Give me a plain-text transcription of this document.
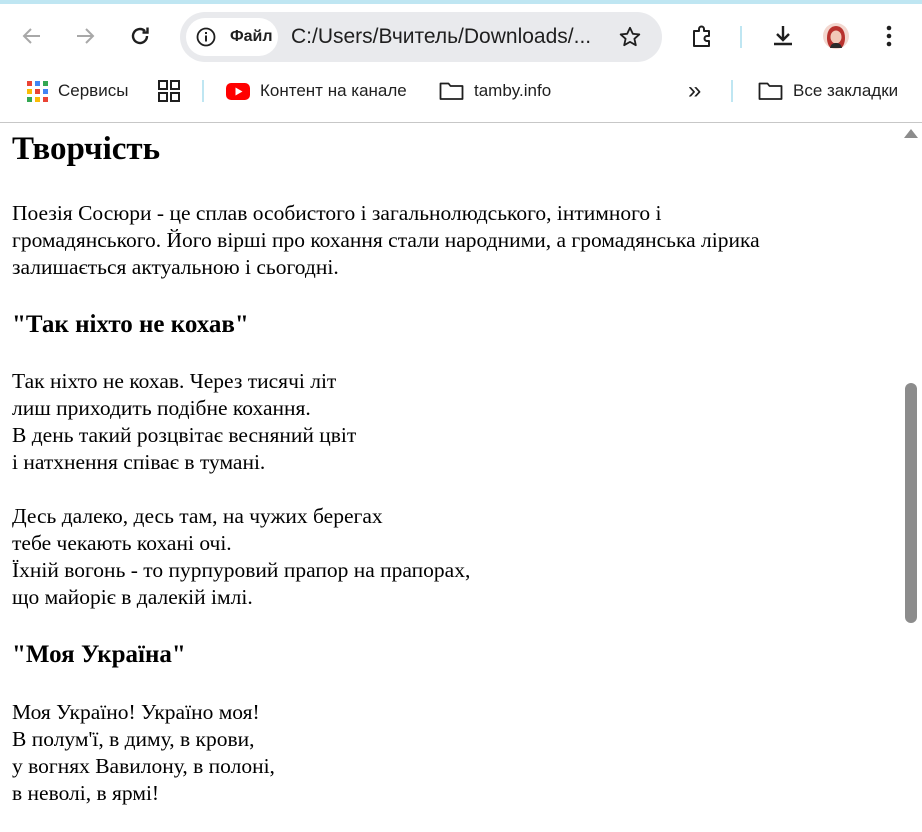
Файл C:/Users/Вчитель/Downloads/...
Сервисы	Контент на канале	tamby.info	»	Все закладки
Творчість

Поезія Сосюри - це сплав особистого і загальнолюдського, інтимного і

громадянського. Його вірші про кохання стали народними, а громадянська лірика

залишається актуальною і сьогодні.

"Так ніхто не кохав"

Так ніхто не кохав. Через тисячі літ

лиш приходить подібне кохання.

В день такий розцвітає весняний цвіт

і натхнення співає в тумані.

Десь далеко, десь там, на чужих берегах

тебе чекають кохані очі.

Їхній вогонь - то пурпуровий прапор на прапорах,

що майоріє в далекій імлі.

"Моя Україна"

Моя Україно! Україно моя!

В полум'ї, в диму, в крови,

у вогнях Вавилону, в полоні,

в неволі, в ярмі!
